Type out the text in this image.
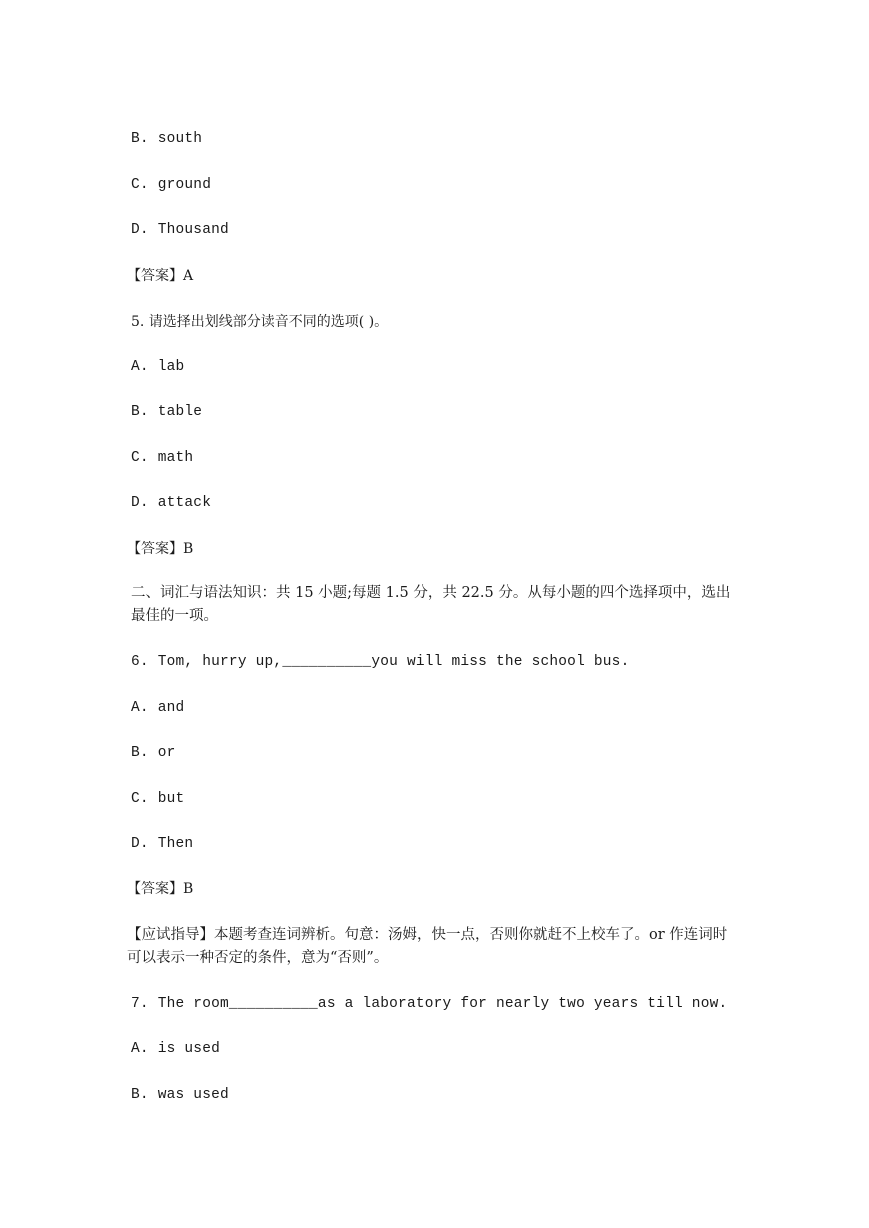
B. south
C. ground
D. Thousand
【答案】A
5. 请选择出划线部分读音不同的选项( )。
A. lab
B. table
C. math
D. attack
【答案】B
二、词汇与语法知识：共 15 小题;每题 1.5 分，共 22.5 分。从每小题的四个选择项中，选出最佳的一项。
6. Tom, hurry up,__________you will miss the school bus.
A. and
B. or
C. but
D. Then
【答案】B
【应试指导】本题考查连词辨析。句意：汤姆，快一点，否则你就赶不上校车了。or 作连词时可以表示一种否定的条件，意为“否则”。
7. The room__________as a laboratory for nearly two years till now.
A. is used
B. was used
